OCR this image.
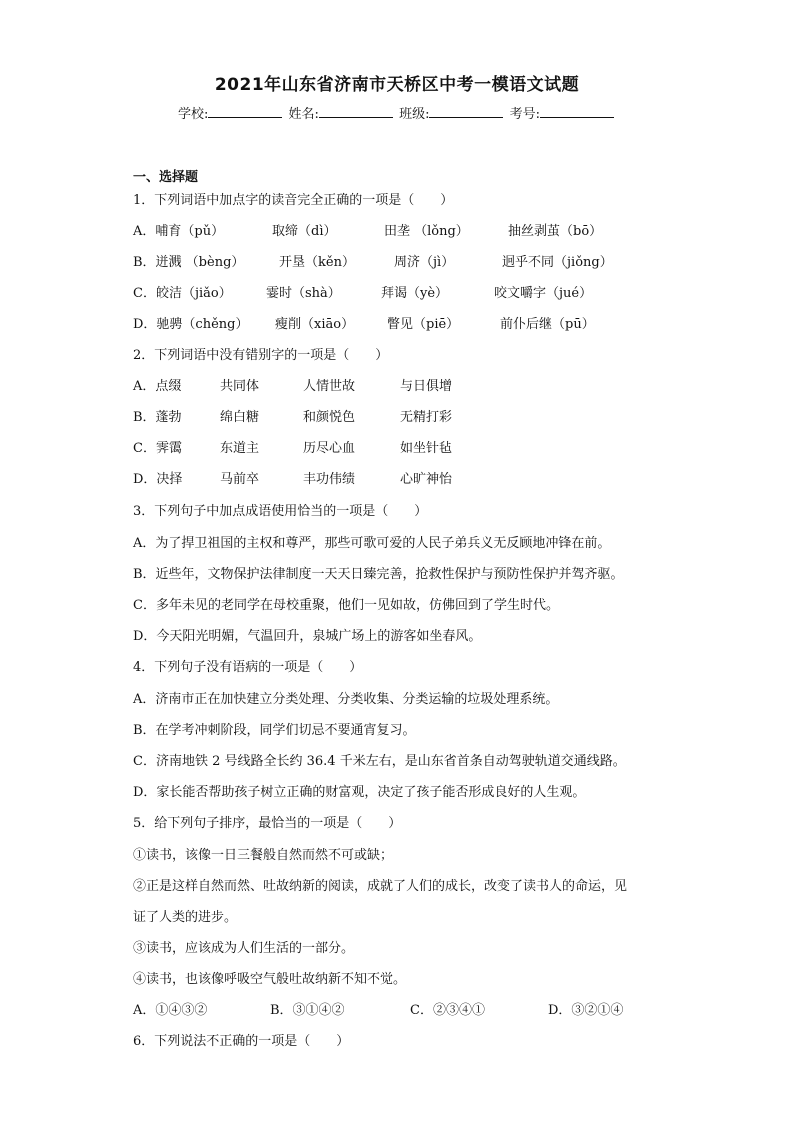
2021年山东省济南市天桥区中考一模语文试题
学校:	姓名:	班级:	考号:
一、选择题
1．下列词语中加点字的读音完全正确的一项是（　　）
A．哺育（pǔ）	取缔（dì）	田垄 （lǒng）	抽丝剥茧（bō）
B．迸溅 （bèng）	开垦（kěn）	周济（jì）	迥乎不同（jiǒng）
C．皎洁（jiǎo）	霎时（shà）	拜谒（yè）	咬文嚼字（jué）
D．驰骋（chěng） 瘦削（xiāo）	瞥见（piē）	前仆后继（pū）
2．下列词语中没有错别字的一项是（　　）
A．点缀	共同体	人情世故	与日俱增
B．蓬勃	绵白糖	和颜悦色	无精打彩
C．霁霭	东道主	历尽心血	如坐针毡
D．决择	马前卒	丰功伟绩	心旷神怡
3．下列句子中加点成语使用恰当的一项是（　　）
A．为了捍卫祖国的主权和尊严，那些可歌可爱的人民子弟兵义无反顾地冲锋在前。
B．近些年，文物保护法律制度一天天日臻完善，抢救性保护与预防性保护并驾齐驱。
C．多年未见的老同学在母校重聚，他们一见如故，仿佛回到了学生时代。
D．今天阳光明媚，气温回升，泉城广场上的游客如坐春风。
4．下列句子没有语病的一项是（　　）
A．济南市正在加快建立分类处理、分类收集、分类运输的垃圾处理系统。
B．在学考冲刺阶段，同学们切忌不要通宵复习。
C．济南地铁 2 号线路全长约 36.4 千米左右，是山东省首条自动驾驶轨道交通线路。
D．家长能否帮助孩子树立正确的财富观，决定了孩子能否形成良好的人生观。
5．给下列句子排序，最恰当的一项是（　　）
①读书，该像一日三餐般自然而然不可或缺；
②正是这样自然而然、吐故纳新的阅读，成就了人们的成长，改变了读书人的命运，见
证了人类的进步。
③读书，应该成为人们生活的一部分。
④读书，也该像呼吸空气般吐故纳新不知不觉。
A．①④③②	B．③①④②	C．②③④①	D．③②①④
6．下列说法不正确的一项是（　　）
